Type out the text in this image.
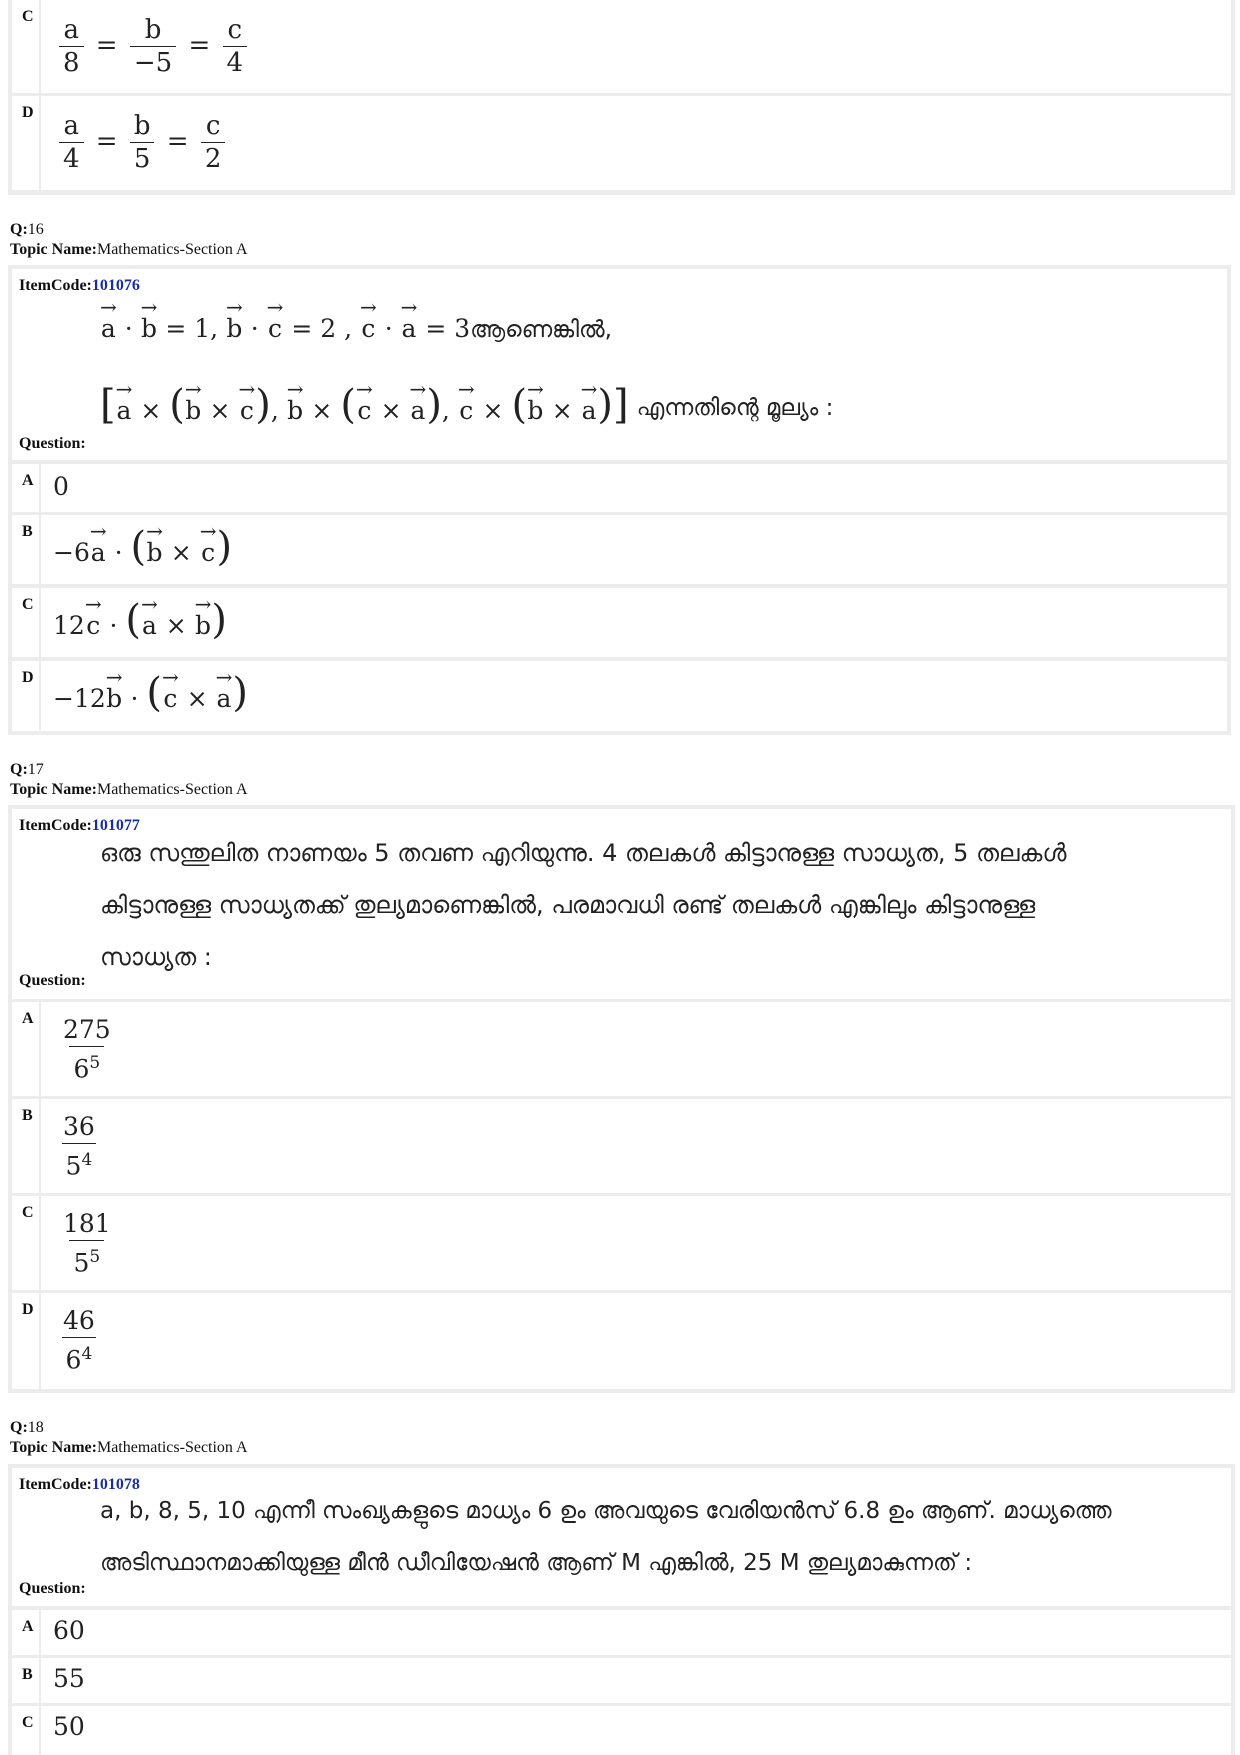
C $\frac{a}{8} = \frac{b}{-5} = \frac{c}{4}$
D $\frac{a}{4} = \frac{b}{5} = \frac{c}{2}$
Q:16
Topic Name:Mathematics-Section A
ItemCode:101076
→
a ·
→
b = 1,
→
b ·
→
c = 2 ,
→
c ·
→
a = 3ആണെങ്കിൽ,
[ →
a × ( →
b ×
→
c ),
→
b × ( →
c ×
→
a ),
→
c × ( →
b ×
→
a )] എന്നതിന്റെ മൂല്യം :
Question:
A 0
B
−6
→
a · ( →
b ×
→
c )
C
12
→
c · ( →
a ×
→
b )
D
−12
→
b · ( →
c ×
→
a )
Q:17
Topic Name:Mathematics-Section A
ItemCode:101077
ഒരു സന്തുലിത നാണയം 5 തവണ എറിയുന്നു. 4 തലകൾ കിട്ടാനുള്ള സാധ്യത, 5 തലകൾ
കിട്ടാനുള്ള സാധ്യതക്ക് തുല്യമാണെങ്കിൽ, പരമാവധി രണ്ട് തലകൾ എങ്കിലും കിട്ടാനുള്ള
സാധ്യത :
Question:
A $\frac{275}{6^5}$
B $\frac{36}{5^4}$
C $\frac{181}{5^5}$
D $\frac{46}{6^4}$
Q:18
Topic Name:Mathematics-Section A
ItemCode:101078
a, b, 8, 5, 10 എന്നീ സംഖ്യകളുടെ മാധ്യം 6 ഉം അവയുടെ വേരിയൻസ് 6.8 ഉം ആണ്. മാധ്യത്തെ
അടിസ്ഥാനമാക്കിയുള്ള മീൻ ഡീവിയേഷൻ ആണ് M എങ്കിൽ, 25 M തുല്യമാകുന്നത് :
Question:
A 60
B 55
C 50
